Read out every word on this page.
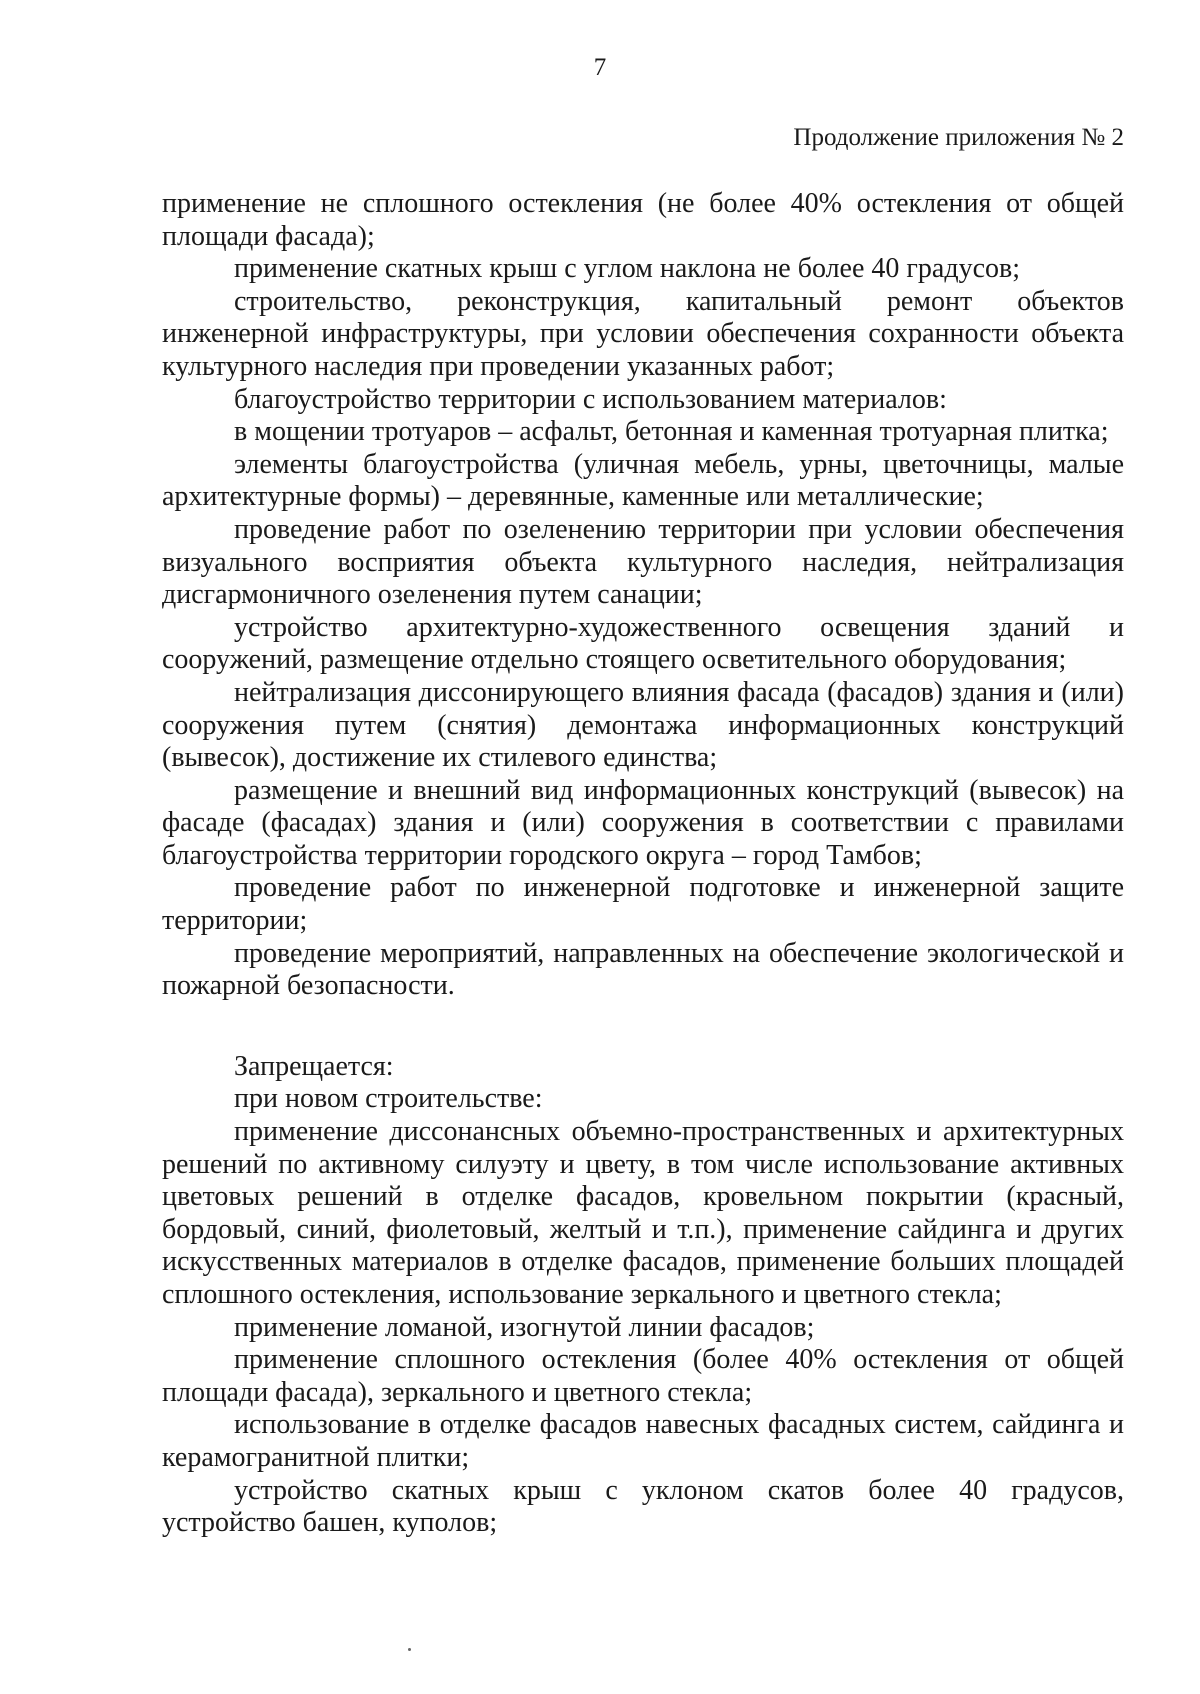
7
Продолжение приложения № 2

применение не сплошного остекления (не более 40% остекления от общей площади фасада);

применение скатных крыш с углом наклона не более 40 градусов;

строительство, реконструкция, капитальный ремонт объектов инженерной инфраструктуры, при условии обеспечения сохранности объекта культурного наследия при проведении указанных работ;

благоустройство территории с использованием материалов:

в мощении тротуаров – асфальт, бетонная и каменная тротуарная плитка;

элементы благоустройства (уличная мебель, урны, цветочницы, малые архитектурные формы) – деревянные, каменные или металлические;

проведение работ по озеленению территории при условии обеспечения визуального восприятия объекта культурного наследия, нейтрализация дисгармоничного озеленения путем санации;

устройство архитектурно-художественного освещения зданий и сооружений, размещение отдельно стоящего осветительного оборудования;

нейтрализация диссонирующего влияния фасада (фасадов) здания и (или) сооружения путем (снятия) демонтажа информационных конструкций (вывесок), достижение их стилевого единства;

размещение и внешний вид информационных конструкций (вывесок) на фасаде (фасадах) здания и (или) сооружения в соответствии с правилами благоустройства территории городского округа – город Тамбов;

проведение работ по инженерной подготовке и инженерной защите территории;

проведение мероприятий, направленных на обеспечение экологической и пожарной безопасности.

Запрещается:

при новом строительстве:

применение диссонансных объемно-пространственных и архитектурных решений по активному силуэту и цвету, в том числе использование активных цветовых решений в отделке фасадов, кровельном покрытии (красный, бордовый, синий, фиолетовый, желтый и т.п.), применение сайдинга и других искусственных материалов в отделке фасадов, применение больших площадей сплошного остекления, использование зеркального и цветного стекла;

применение ломаной, изогнутой линии фасадов;

применение сплошного остекления (более 40% остекления от общей площади фасада), зеркального и цветного стекла;

использование в отделке фасадов навесных фасадных систем, сайдинга и керамогранитной плитки;

устройство скатных крыш с уклоном скатов более 40 градусов, устройство башен, куполов;
